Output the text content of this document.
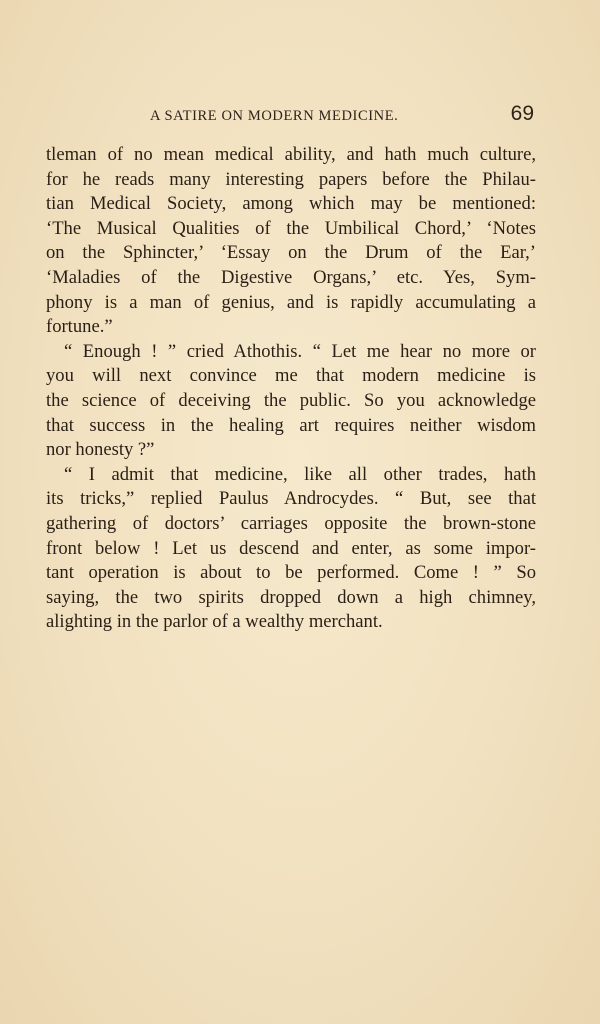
A SATIRE ON MODERN MEDICINE.	69
tleman of no mean medical ability, and hath much culture,
for he reads many interesting papers before the Philau-
tian Medical Society, among which may be mentioned:
‘The Musical Qualities of the Umbilical Chord,’ ‘Notes
on the Sphincter,’ ‘Essay on the Drum of the Ear,’
‘Maladies of the Digestive Organs,’ etc. Yes, Sym-
phony is a man of genius, and is rapidly accumulating a
fortune.”
“ Enough ! ” cried Athothis. “ Let me hear no more or
you will next convince me that modern medicine is
the science of deceiving the public. So you acknowledge
that success in the healing art requires neither wisdom
nor honesty ?”
“ I admit that medicine, like all other trades, hath
its tricks,” replied Paulus Androcydes. “ But, see that
gathering of doctors’ carriages opposite the brown-stone
front below ! Let us descend and enter, as some impor-
tant operation is about to be performed. Come ! ” So
saying, the two spirits dropped down a high chimney,
alighting in the parlor of a wealthy merchant.
